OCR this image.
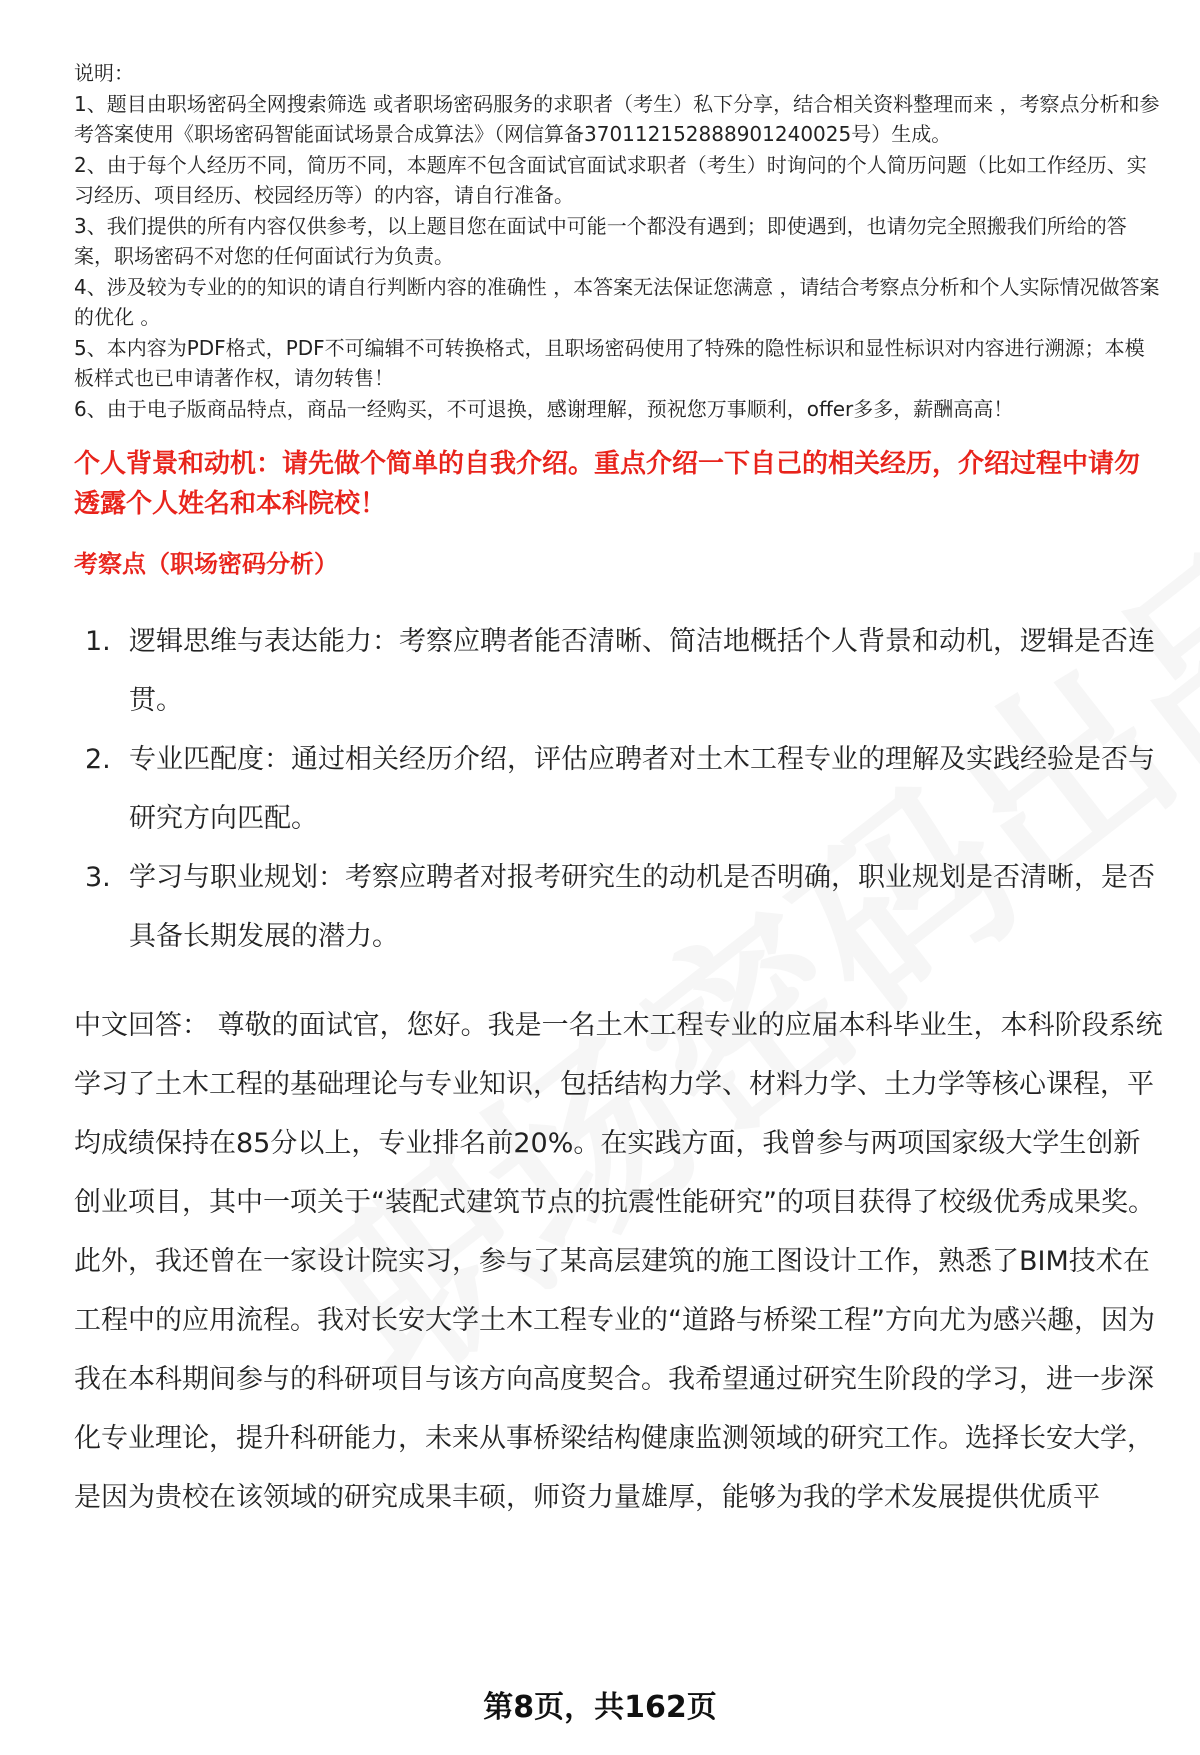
说明：

1、题目由职场密码全网搜索筛选 或者职场密码服务的求职者（考生）私下分享，结合相关资料整理而来 ，考察点分析和参考答案使用《职场密码智能面试场景合成算法》（网信算备370112152888901240025号）生成。

2、由于每个人经历不同，简历不同，本题库不包含面试官面试求职者（考生）时询问的个人简历问题（比如工作经历、实习经历、项目经历、校园经历等）的内容，请自行准备。

3、我们提供的所有内容仅供参考，以上题目您在面试中可能一个都没有遇到；即使遇到，也请勿完全照搬我们所给的答案，职场密码不对您的任何面试行为负责。

4、涉及较为专业的的知识的请自行判断内容的准确性 ，本答案无法保证您满意 ，请结合考察点分析和个人实际情况做答案的优化 。

5、本内容为PDF格式，PDF不可编辑不可转换格式，且职场密码使用了特殊的隐性标识和显性标识对内容进行溯源；本模板样式也已申请著作权，请勿转售！

6、由于电子版商品特点，商品一经购买，不可退换，感谢理解，预祝您万事顺利，offer多多，薪酬高高！

个人背景和动机：请先做个简单的自我介绍。重点介绍一下自己的相关经历，介绍过程中请勿透露个人姓名和本科院校！
考察点（职场密码分析）
1. 逻辑思维与表达能力：考察应聘者能否清晰、简洁地概括个人背景和动机，逻辑是否连贯。
2. 专业匹配度：通过相关经历介绍，评估应聘者对土木工程专业的理解及实践经验是否与研究方向匹配。
3. 学习与职业规划：考察应聘者对报考研究生的动机是否明确，职业规划是否清晰，是否具备长期发展的潜力。
中文回答： 尊敬的面试官，您好。我是一名土木工程专业的应届本科毕业生，本科阶段系统学习了土木工程的基础理论与专业知识，包括结构力学、材料力学、土力学等核心课程，平均成绩保持在85分以上，专业排名前20%。在实践方面，我曾参与两项国家级大学生创新创业项目，其中一项关于“装配式建筑节点的抗震性能研究”的项目获得了校级优秀成果奖。此外，我还曾在一家设计院实习，参与了某高层建筑的施工图设计工作，熟悉了BIM技术在工程中的应用流程。我对长安大学土木工程专业的“道路与桥梁工程”方向尤为感兴趣，因为我在本科期间参与的科研项目与该方向高度契合。我希望通过研究生阶段的学习，进一步深化专业理论，提升科研能力，未来从事桥梁结构健康监测领域的研究工作。选择长安大学，是因为贵校在该领域的研究成果丰硕，师资力量雄厚，能够为我的学术发展提供优质平
第8页，共162页
